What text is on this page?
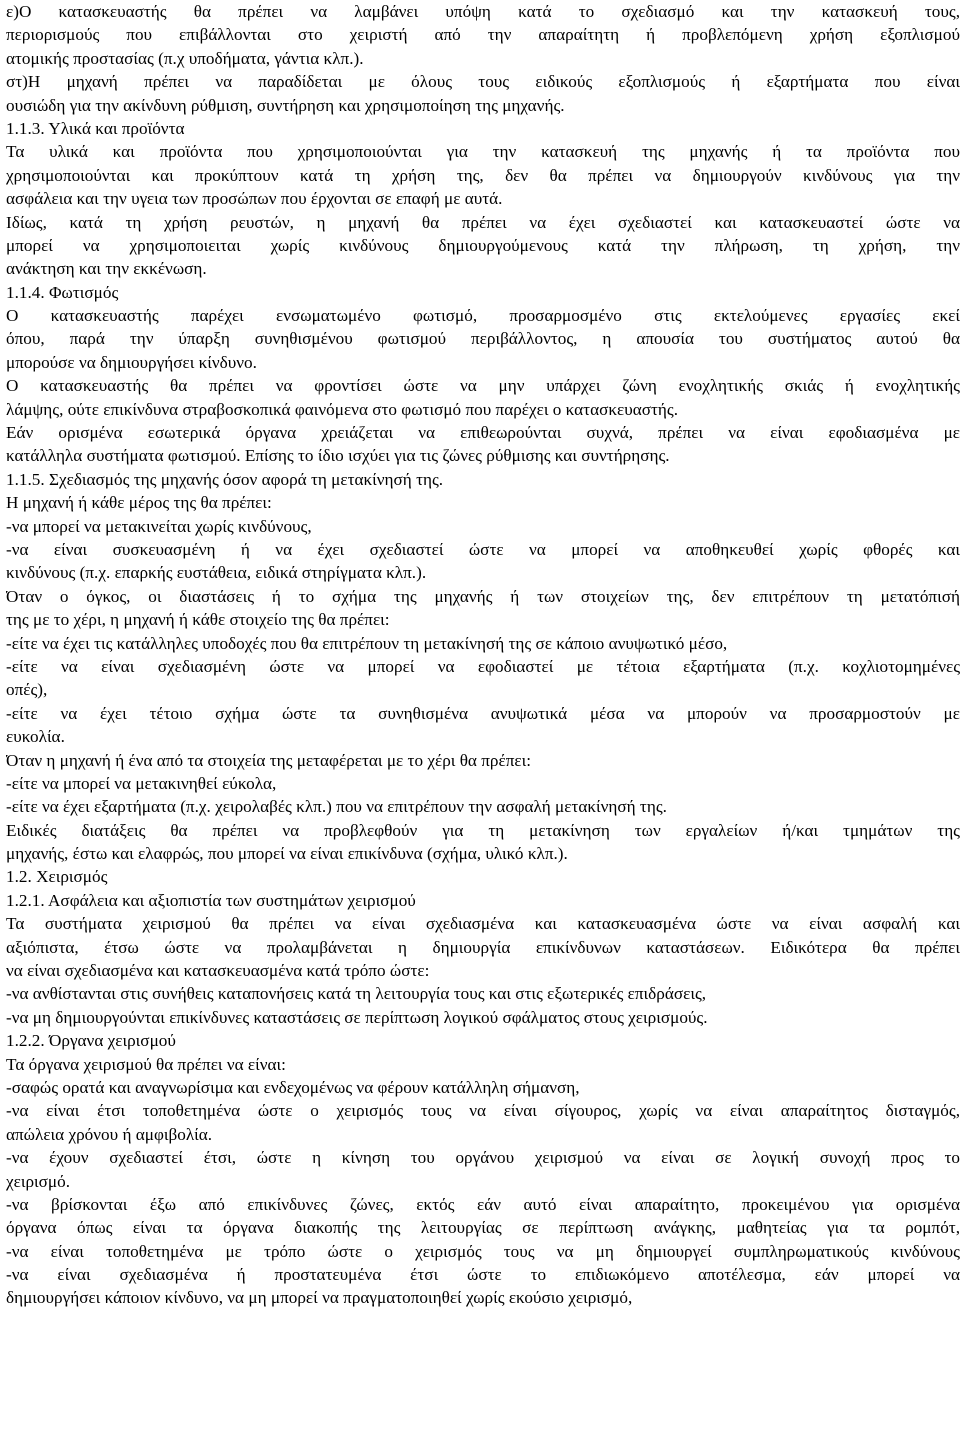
ε)Ο κατασκευαστής θα πρέπει να λαμβάνει υπόψη κατά το σχεδιασμό και την κατασκευή τους,
περιορισμούς που επιβάλλονται στο χειριστή από την απαραίτητη ή προβλεπόμενη χρήση εξοπλισμού
ατομικής προστασίας (π.χ υποδήματα, γάντια κλπ.).
στ)Η μηχανή πρέπει να παραδίδεται με όλους τους ειδικούς εξοπλισμούς ή εξαρτήματα που είναι
ουσιώδη για την ακίνδυνη ρύθμιση, συντήρηση και χρησιμοποίηση της μηχανής.
1.1.3. Υλικά και προϊόντα
Τα υλικά και προϊόντα που χρησιμοποιούνται για την κατασκευή της μηχανής ή τα προϊόντα που
χρησιμοποιούνται και προκύπτουν κατά τη χρήση της, δεν θα πρέπει να δημιουργούν κινδύνους για την
ασφάλεια και την υγεια των προσώπων που έρχονται σε επαφή με αυτά.
Ιδίως, κατά τη χρήση ρευστών, η μηχανή θα πρέπει να έχει σχεδιαστεί και κατασκευαστεί ώστε να
μπορεί να χρησιμοποιειται χωρίς κινδύνους δημιουργούμενους κατά την πλήρωση, τη χρήση, την
ανάκτηση και την εκκένωση.
1.1.4. Φωτισμός
Ο κατασκευαστής παρέχει ενσωματωμένο φωτισμό, προσαρμοσμένο στις εκτελούμενες εργασίες εκεί
όπου, παρά την ύπαρξη συνηθισμένου φωτισμού περιβάλλοντος, η απουσία του συστήματος αυτού θα
μπορούσε να δημιουργήσει κίνδυνο.
Ο κατασκευαστής θα πρέπει να φροντίσει ώστε να μην υπάρχει ζώνη ενοχλητικής σκιάς ή ενοχλητικής
λάμψης, ούτε επικίνδυνα στραβοσκοπικά φαινόμενα στο φωτισμό που παρέχει ο κατασκευαστής.
Εάν ορισμένα εσωτερικά όργανα χρειάζεται να επιθεωρούνται συχνά, πρέπει να είναι εφοδιασμένα με
κατάλληλα συστήματα φωτισμού. Επίσης το ίδιο ισχύει για τις ζώνες ρύθμισης και συντήρησης.
1.1.5. Σχεδιασμός της μηχανής όσον αφορά τη μετακίνησή της.
Η μηχανή ή κάθε μέρος της θα πρέπει:
-να μπορεί να μετακινείται χωρίς κινδύνους,
-να είναι συσκευασμένη ή να έχει σχεδιαστεί ώστε να μπορεί να αποθηκευθεί χωρίς φθορές και
κινδύνους (π.χ. επαρκής ευστάθεια, ειδικά στηρίγματα κλπ.).
Όταν ο όγκος, οι διαστάσεις ή το σχήμα της μηχανής ή των στοιχείων της, δεν επιτρέπουν τη μετατόπισή
της με το χέρι, η μηχανή ή κάθε στοιχείο της θα πρέπει:
-είτε να έχει τις κατάλληλες υποδοχές που θα επιτρέπουν τη μετακίνησή της σε κάποιο ανυψωτικό μέσο,
-είτε να είναι σχεδιασμένη ώστε να μπορεί να εφοδιαστεί με τέτοια εξαρτήματα (π.χ. κοχλιοτομημένες
οπές),
-είτε να έχει τέτοιο σχήμα ώστε τα συνηθισμένα ανυψωτικά μέσα να μπορούν να προσαρμοστούν με
ευκολία.
Όταν η μηχανή ή ένα από τα στοιχεία της μεταφέρεται με το χέρι θα πρέπει:
-είτε να μπορεί να μετακινηθεί εύκολα,
-είτε να έχει εξαρτήματα (π.χ. χειρολαβές κλπ.) που να επιτρέπουν την ασφαλή μετακίνησή της.
Ειδικές διατάξεις θα πρέπει να προβλεφθούν για τη μετακίνηση των εργαλείων ή/και τμημάτων της
μηχανής, έστω και ελαφρώς, που μπορεί να είναι επικίνδυνα (σχήμα, υλικό κλπ.).
1.2. Χειρισμός
1.2.1. Ασφάλεια και αξιοπιστία των συστημάτων χειρισμού
Τα συστήματα χειρισμού θα πρέπει να είναι σχεδιασμένα και κατασκευασμένα ώστε να είναι ασφαλή και
αξιόπιστα, έτσω ώστε να προλαμβάνεται η δημιουργία επικίνδυνων καταστάσεων. Ειδικότερα θα πρέπει
να είναι σχεδιασμένα και κατασκευασμένα κατά τρόπο ώστε:
-να ανθίστανται στις συνήθεις καταπονήσεις κατά τη λειτουργία τους και στις εξωτερικές επιδράσεις,
-να μη δημιουργούνται επικίνδυνες καταστάσεις σε περίπτωση λογικού σφάλματος στους χειρισμούς.
1.2.2. Όργανα χειρισμού
Τα όργανα χειρισμού θα πρέπει να είναι:
-σαφώς ορατά και αναγνωρίσιμα και ενδεχομένως να φέρουν κατάλληλη σήμανση,
-να είναι έτσι τοποθετημένα ώστε ο χειρισμός τους να είναι σίγουρος, χωρίς να είναι απαραίτητος δισταγμός,
απώλεια χρόνου ή αμφιβολία.
-να έχουν σχεδιαστεί έτσι, ώστε η κίνηση του οργάνου χειρισμού να είναι σε λογική συνοχή προς το
χειρισμό.
-να βρίσκονται έξω από επικίνδυνες ζώνες, εκτός εάν αυτό είναι απαραίτητο, προκειμένου για ορισμένα
όργανα όπως είναι τα όργανα διακοπής της λειτουργίας σε περίπτωση ανάγκης, μαθητείας για τα ρομπότ,
-να είναι τοποθετημένα με τρόπο ώστε ο χειρισμός τους να μη δημιουργεί συμπληρωματικούς κινδύνους
-να είναι σχεδιασμένα ή προστατευμένα έτσι ώστε το επιδιωκόμενο αποτέλεσμα, εάν μπορεί να
δημιουργήσει κάποιον κίνδυνο, να μη μπορεί να πραγματοποιηθεί χωρίς εκούσιο χειρισμό,
